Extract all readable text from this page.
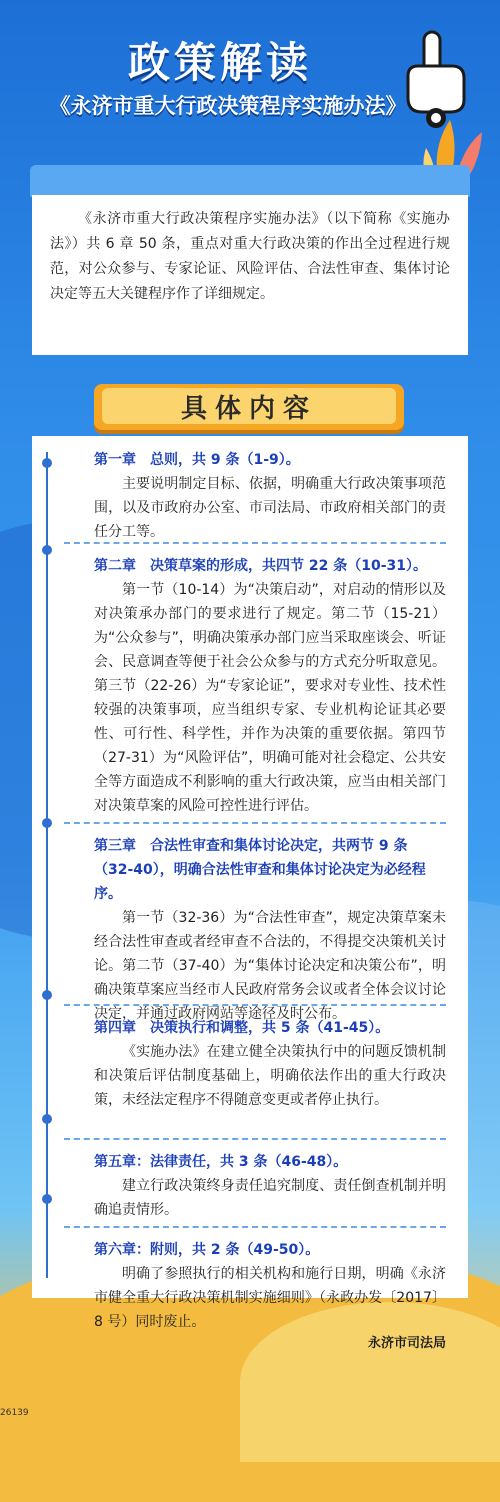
政策解读
《永济市重大行政决策程序实施办法》

《永济市重大行政决策程序实施办法》（以下简称《实施办法》）共 6 章 50 条，重点对重大行政决策的作出全过程进行规范，对公众参与、专家论证、风险评估、合法性审查、集体讨论决定等五大关键程序作了详细规定。

具体内容

第一章　总则，共 9 条（1-9）。

主要说明制定目标、依据，明确重大行政决策事项范围，以及市政府办公室、市司法局、市政府相关部门的责任分工等。

第二章　决策草案的形成，共四节 22 条（10-31）。

第一节（10-14）为“决策启动”，对启动的情形以及对决策承办部门的要求进行了规定。第二节（15-21）为“公众参与”，明确决策承办部门应当采取座谈会、听证会、民意调查等便于社会公众参与的方式充分听取意见。第三节（22-26）为“专家论证”，要求对专业性、技术性较强的决策事项，应当组织专家、专业机构论证其必要性、可行性、科学性，并作为决策的重要依据。第四节（27-31）为“风险评估”，明确可能对社会稳定、公共安全等方面造成不利影响的重大行政决策，应当由相关部门对决策草案的风险可控性进行评估。

第三章　合法性审查和集体讨论决定，共两节 9 条（32-40），明确合法性审查和集体讨论决定为必经程序。

第一节（32-36）为“合法性审查”，规定决策草案未经合法性审查或者经审查不合法的，不得提交决策机关讨论。第二节（37-40）为“集体讨论决定和决策公布”，明确决策草案应当经市人民政府常务会议或者全体会议讨论决定，并通过政府网站等途径及时公布。

第四章　决策执行和调整，共 5 条（41-45）。

《实施办法》在建立健全决策执行中的问题反馈机制和决策后评估制度基础上，明确依法作出的重大行政决策，未经法定程序不得随意变更或者停止执行。

第五章：法律责任，共 3 条（46-48）。

建立行政决策终身责任追究制度、责任倒查机制并明确追责情形。

第六章：附则，共 2 条（49-50）。

明确了参照执行的相关机构和施行日期，明确《永济市健全重大行政决策机制实施细则》（永政办发〔2017〕8 号）同时废止。

永济市司法局
26139
